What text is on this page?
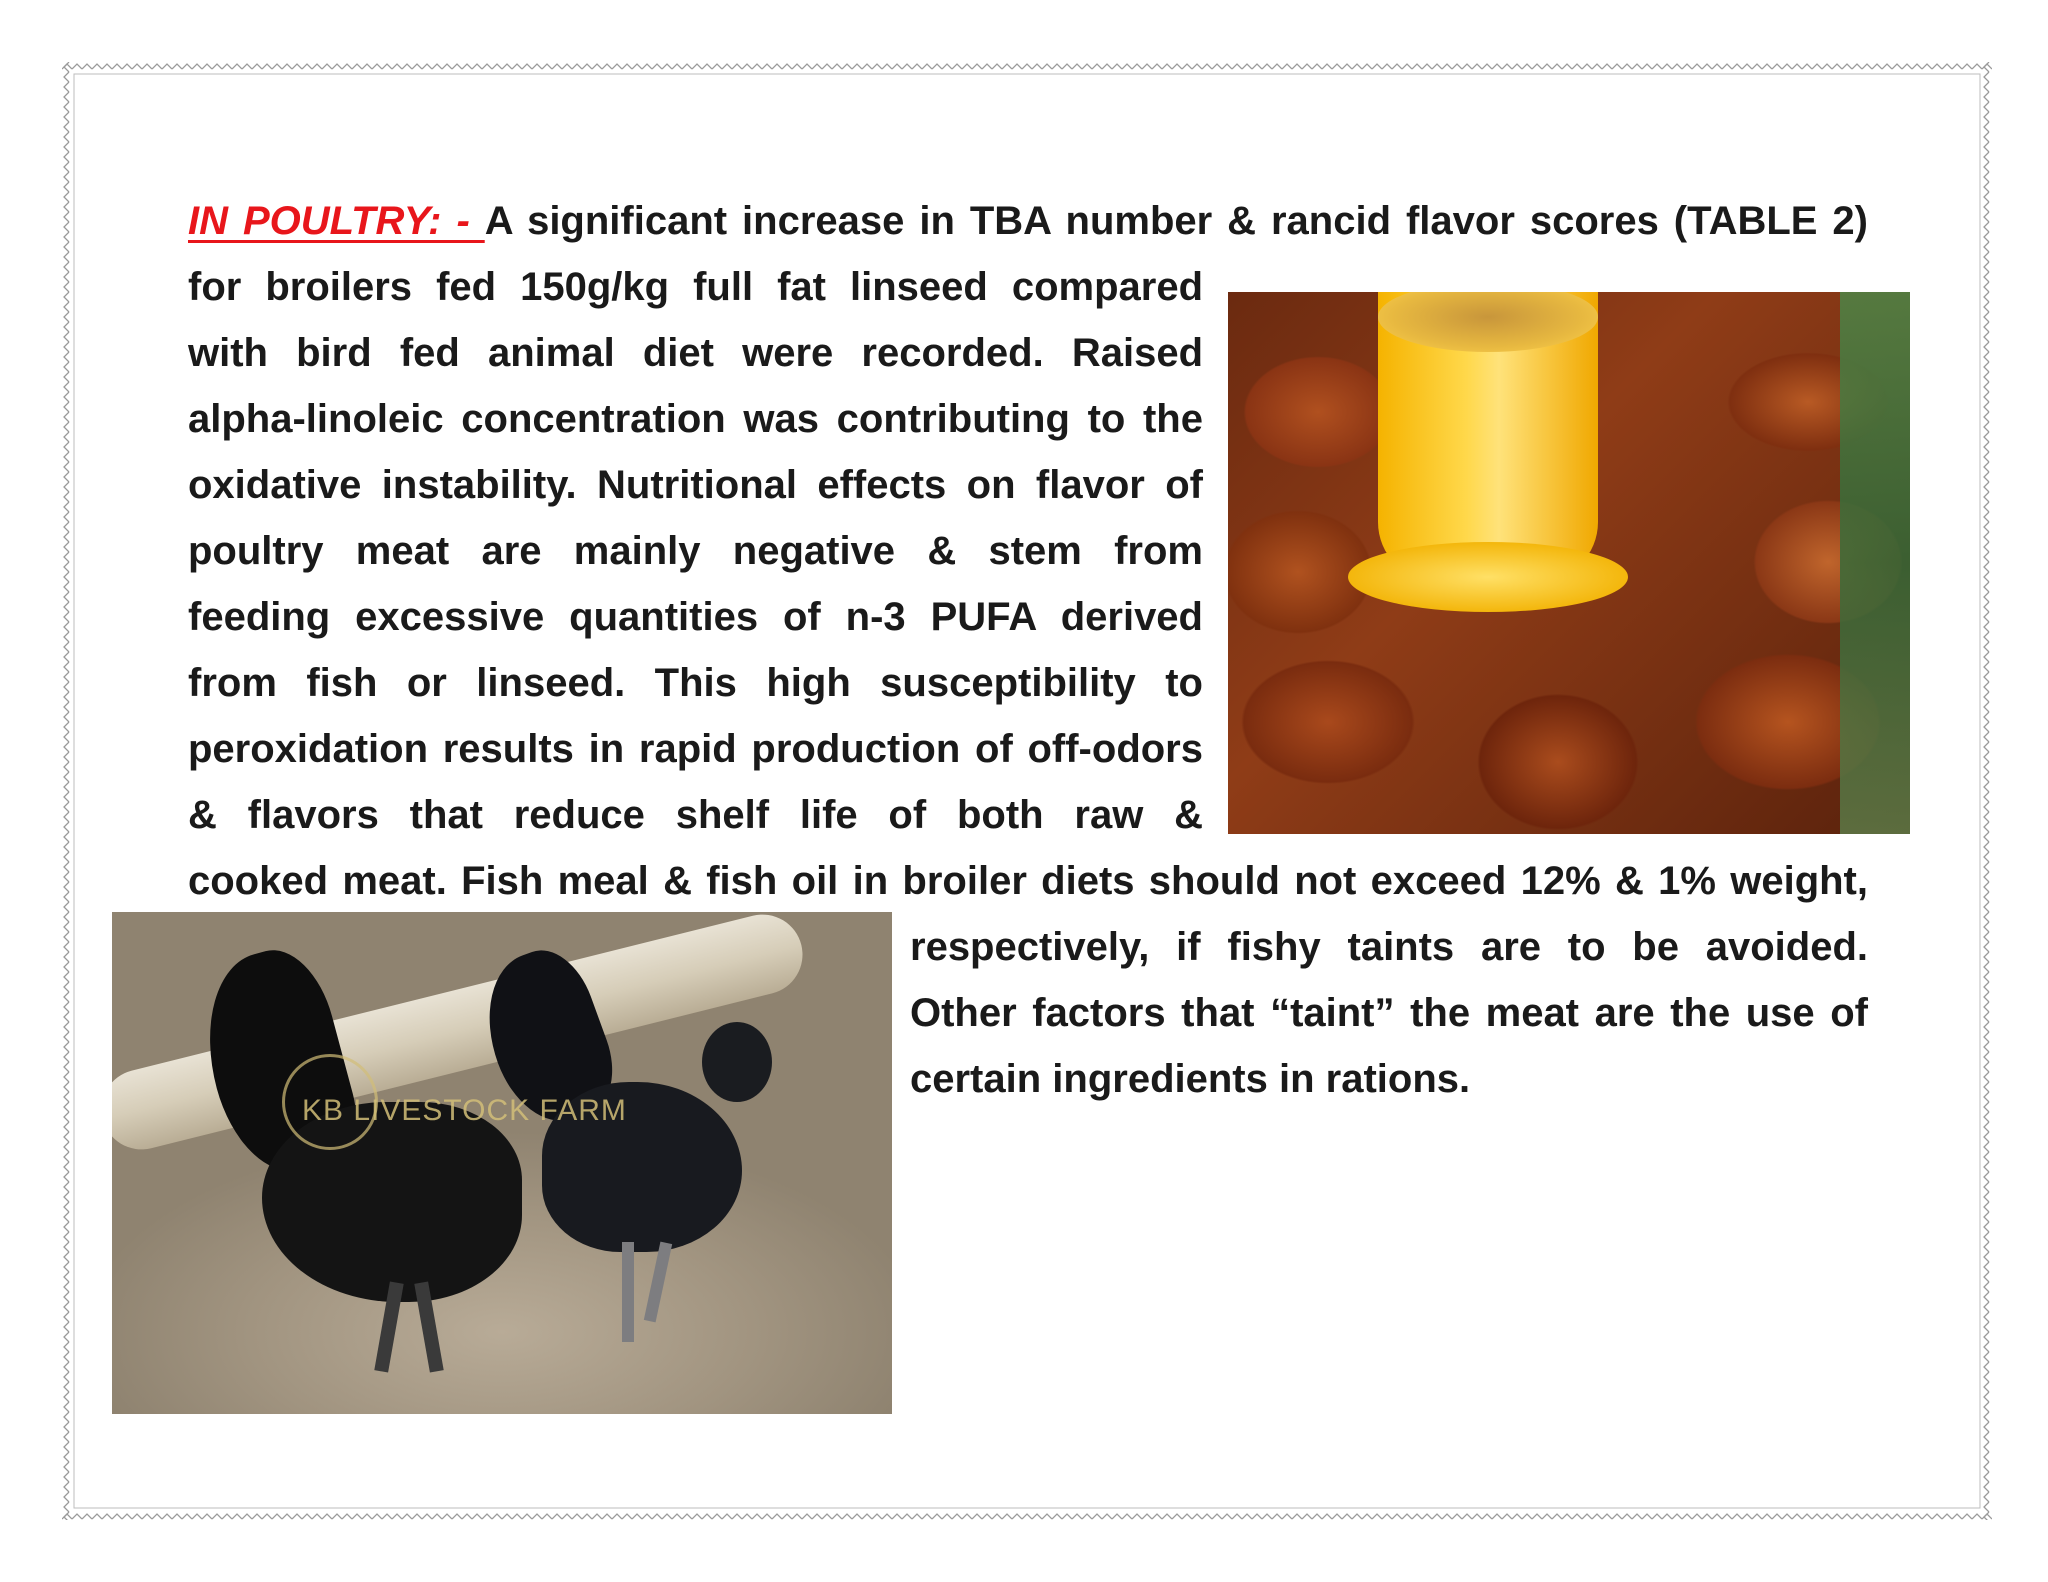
IN POULTRY: - A significant increase in TBA number & rancid flavor scores (TABLE 2)
for broilers fed 150g/kg full fat linseed compared
with bird fed animal diet were recorded. Raised
alpha-linoleic concentration was contributing to the
oxidative instability. Nutritional effects on flavor of
poultry meat are mainly negative & stem from
feeding excessive quantities of n-3 PUFA derived
from fish or linseed. This high susceptibility to
peroxidation results in rapid production of off-odors
& flavors that reduce shelf life of both raw &
cooked meat. Fish meal & fish oil in broiler diets should not exceed 12% & 1% weight,
respectively, if fishy taints are to be avoided.
Other factors that “taint” the meat are the use of
certain ingredients in rations.
KB LIVESTOCK FARM
